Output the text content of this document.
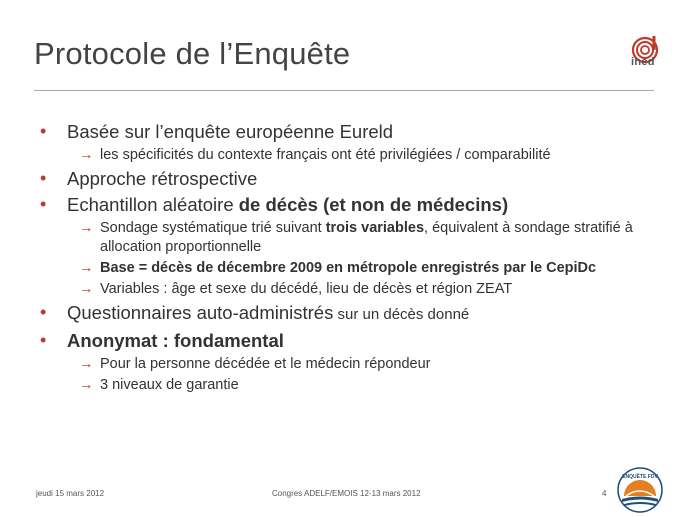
Protocole de l’Enquête	ined
• Basée sur l’enquête européenne Eureld
→ les spécificités du contexte français ont été privilégiées / comparabilité
• Approche rétrospective
• Echantillon aléatoire de décès (et non de médecins)
→ Sondage systématique trié suivant trois variables, équivalent à sondage stratifié à allocation proportionnelle
→ Base = décès de décembre 2009 en métropole enregistrés par le CepiDc
→ Variables : âge et sexe du décédé, lieu de décès et région ZEAT
• Questionnaires auto-administrés sur un décès donné
• Anonymat : fondamental
→ Pour la personne décédée et le médecin répondeur
→ 3 niveaux de garantie
jeudi 15 mars 2012	Congres ADELF/EMOIS 12-13 mars 2012	4
ENQUÊTE FDV
